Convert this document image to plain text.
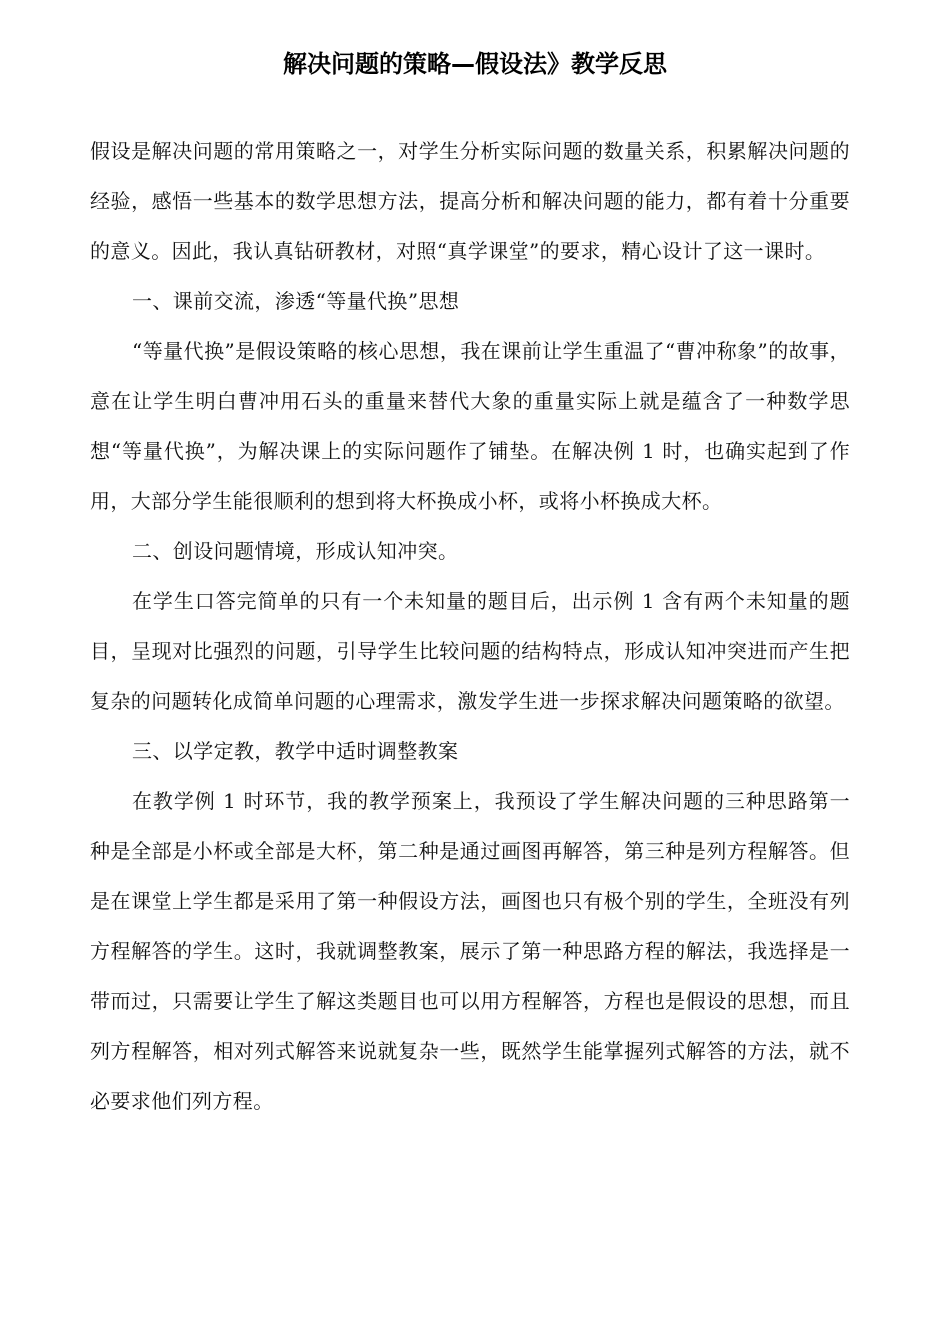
解决问题的策略—假设法》教学反思

假设是解决问题的常用策略之一，对学生分析实际问题的数量关系，积累解决问题的经验，感悟一些基本的数学思想方法，提高分析和解决问题的能力，都有着十分重要的意义。因此，我认真钻研教材，对照“真学课堂”的要求，精心设计了这一课时。

一、课前交流，渗透“等量代换”思想

“等量代换”是假设策略的核心思想，我在课前让学生重温了“曹冲称象”的故事，意在让学生明白曹冲用石头的重量来替代大象的重量实际上就是蕴含了一种数学思想“等量代换”，为解决课上的实际问题作了铺垫。在解决例 1 时，也确实起到了作用，大部分学生能很顺利的想到将大杯换成小杯，或将小杯换成大杯。

二、创设问题情境，形成认知冲突。

在学生口答完简单的只有一个未知量的题目后，出示例 1 含有两个未知量的题目，呈现对比强烈的问题，引导学生比较问题的结构特点，形成认知冲突进而产生把复杂的问题转化成简单问题的心理需求，激发学生进一步探求解决问题策略的欲望。

三、以学定教，教学中适时调整教案

在教学例 1 时环节，我的教学预案上，我预设了学生解决问题的三种思路第一种是全部是小杯或全部是大杯，第二种是通过画图再解答，第三种是列方程解答。但是在课堂上学生都是采用了第一种假设方法，画图也只有极个别的学生，全班没有列方程解答的学生。这时，我就调整教案，展示了第一种思路方程的解法，我选择是一带而过，只需要让学生了解这类题目也可以用方程解答，方程也是假设的思想，而且列方程解答，相对列式解答来说就复杂一些，既然学生能掌握列式解答的方法，就不必要求他们列方程。
